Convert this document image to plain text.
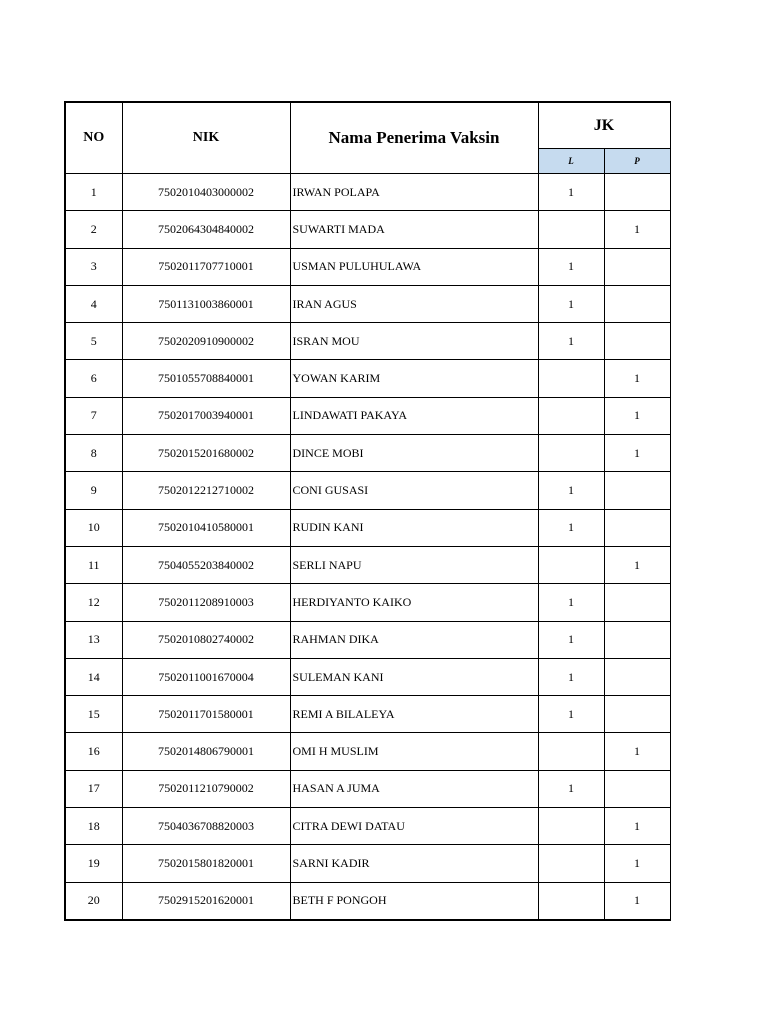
NO	NIK	Nama Penerima Vaksin	JK	
			L	P
1	7502010403000002	IRWAN POLAPA	1	
2	7502064304840002	SUWARTI MADA		1
3	7502011707710001	USMAN PULUHULAWA	1	
4	7501131003860001	IRAN AGUS	1	
5	7502020910900002	ISRAN MOU	1	
6	7501055708840001	YOWAN KARIM		1
7	7502017003940001	LINDAWATI PAKAYA		1
8	7502015201680002	DINCE MOBI		1
9	7502012212710002	CONI GUSASI	1	
10	7502010410580001	RUDIN KANI	1	
11	7504055203840002	SERLI NAPU		1
12	7502011208910003	HERDIYANTO KAIKO	1	
13	7502010802740002	RAHMAN DIKA	1	
14	7502011001670004	SULEMAN KANI	1	
15	7502011701580001	REMI A BILALEYA	1	
16	7502014806790001	OMI H MUSLIM		1
17	7502011210790002	HASAN A JUMA	1	
18	7504036708820003	CITRA DEWI DATAU		1
19	7502015801820001	SARNI KADIR		1
20	7502915201620001	BETH F PONGOH		1
